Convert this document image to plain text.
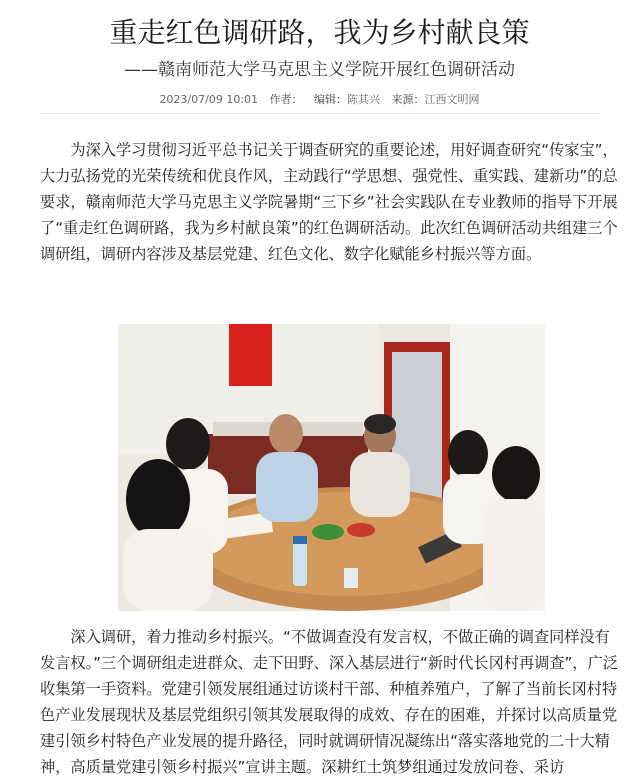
重走红色调研路，我为乡村献良策
——赣南师范大学马克思主义学院开展红色调研活动
2023/07/09 10:01 作者： 编辑：陈其兴 来源：江西文明网

为深入学习贯彻习近平总书记关于调查研究的重要论述，用好调查研究“传家宝”，大力弘扬党的光荣传统和优良作风，主动践行“学思想、强党性、重实践、建新功”的总要求，赣南师范大学马克思主义学院暑期“三下乡”社会实践队在专业教师的指导下开展了“重走红色调研路，我为乡村献良策”的红色调研活动。此次红色调研活动共组建三个调研组，调研内容涉及基层党建、红色文化、数字化赋能乡村振兴等方面。

深入调研，着力推动乡村振兴。“不做调查没有发言权，不做正确的调查同样没有发言权。”三个调研组走进群众、走下田野、深入基层进行“新时代长冈村再调查”，广泛收集第一手资料。党建引领发展组通过访谈村干部、种植养殖户，了解了当前长冈村特色产业发展现状及基层党组织引领其发展取得的成效、存在的困难，并探讨以高质量党建引领乡村特色产业发展的提升路径，同时就调研情况凝练出“落实落地党的二十大精神，高质量党建引领乡村振兴”宣讲主题。深耕红土筑梦组通过发放问卷、采访
